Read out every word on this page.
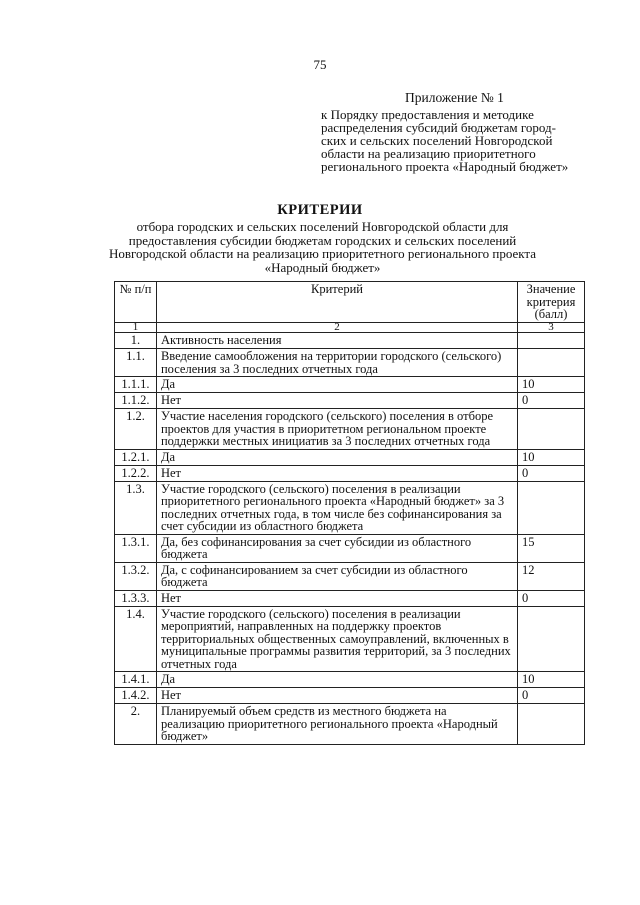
75
Приложение № 1
к Порядку предоставления и методике
распределения субсидий бюджетам город-
ских и сельских поселений Новгородской
области на реализацию приоритетного
регионального проекта «Народный бюджет»
КРИТЕРИИ
отбора городских и сельских поселений Новгородской области для
предоставления субсидии бюджетам городских и сельских поселений
Новгородской области на реализацию приоритетного регионального проекта
«Народный бюджет»
№ п/п	Критерий	Значение критерия (балл)
1	2	3
1.	Активность населения	
1.1.	Введение самообложения на территории городского (сельского) поселения за 3 последних отчетных года	
1.1.1.	Да	10
1.1.2.	Нет	0
1.2.	Участие населения городского (сельского) поселения в отборе проектов для участия в приоритетном региональном проекте поддержки местных инициатив за 3 последних отчетных года	
1.2.1.	Да	10
1.2.2.	Нет	0
1.3.	Участие городского (сельского) поселения в реализации приоритетного регионального проекта «Народный бюджет» за 3 последних отчетных года, в том числе без софинансирования за счет субсидии из областного бюджета	
1.3.1.	Да, без софинансирования за счет субсидии из областного бюджета	15
1.3.2.	Да, с софинансированием за счет субсидии из областного бюджета	12
1.3.3.	Нет	0
1.4.	Участие городского (сельского) поселения в реализации мероприятий, направленных на поддержку проектов территориальных общественных самоуправлений, включенных в муниципальные программы развития территорий, за 3 последних отчетных года	
1.4.1.	Да	10
1.4.2.	Нет	0
2.	Планируемый объем средств из местного бюджета на реализацию приоритетного регионального проекта «Народный бюджет»	
